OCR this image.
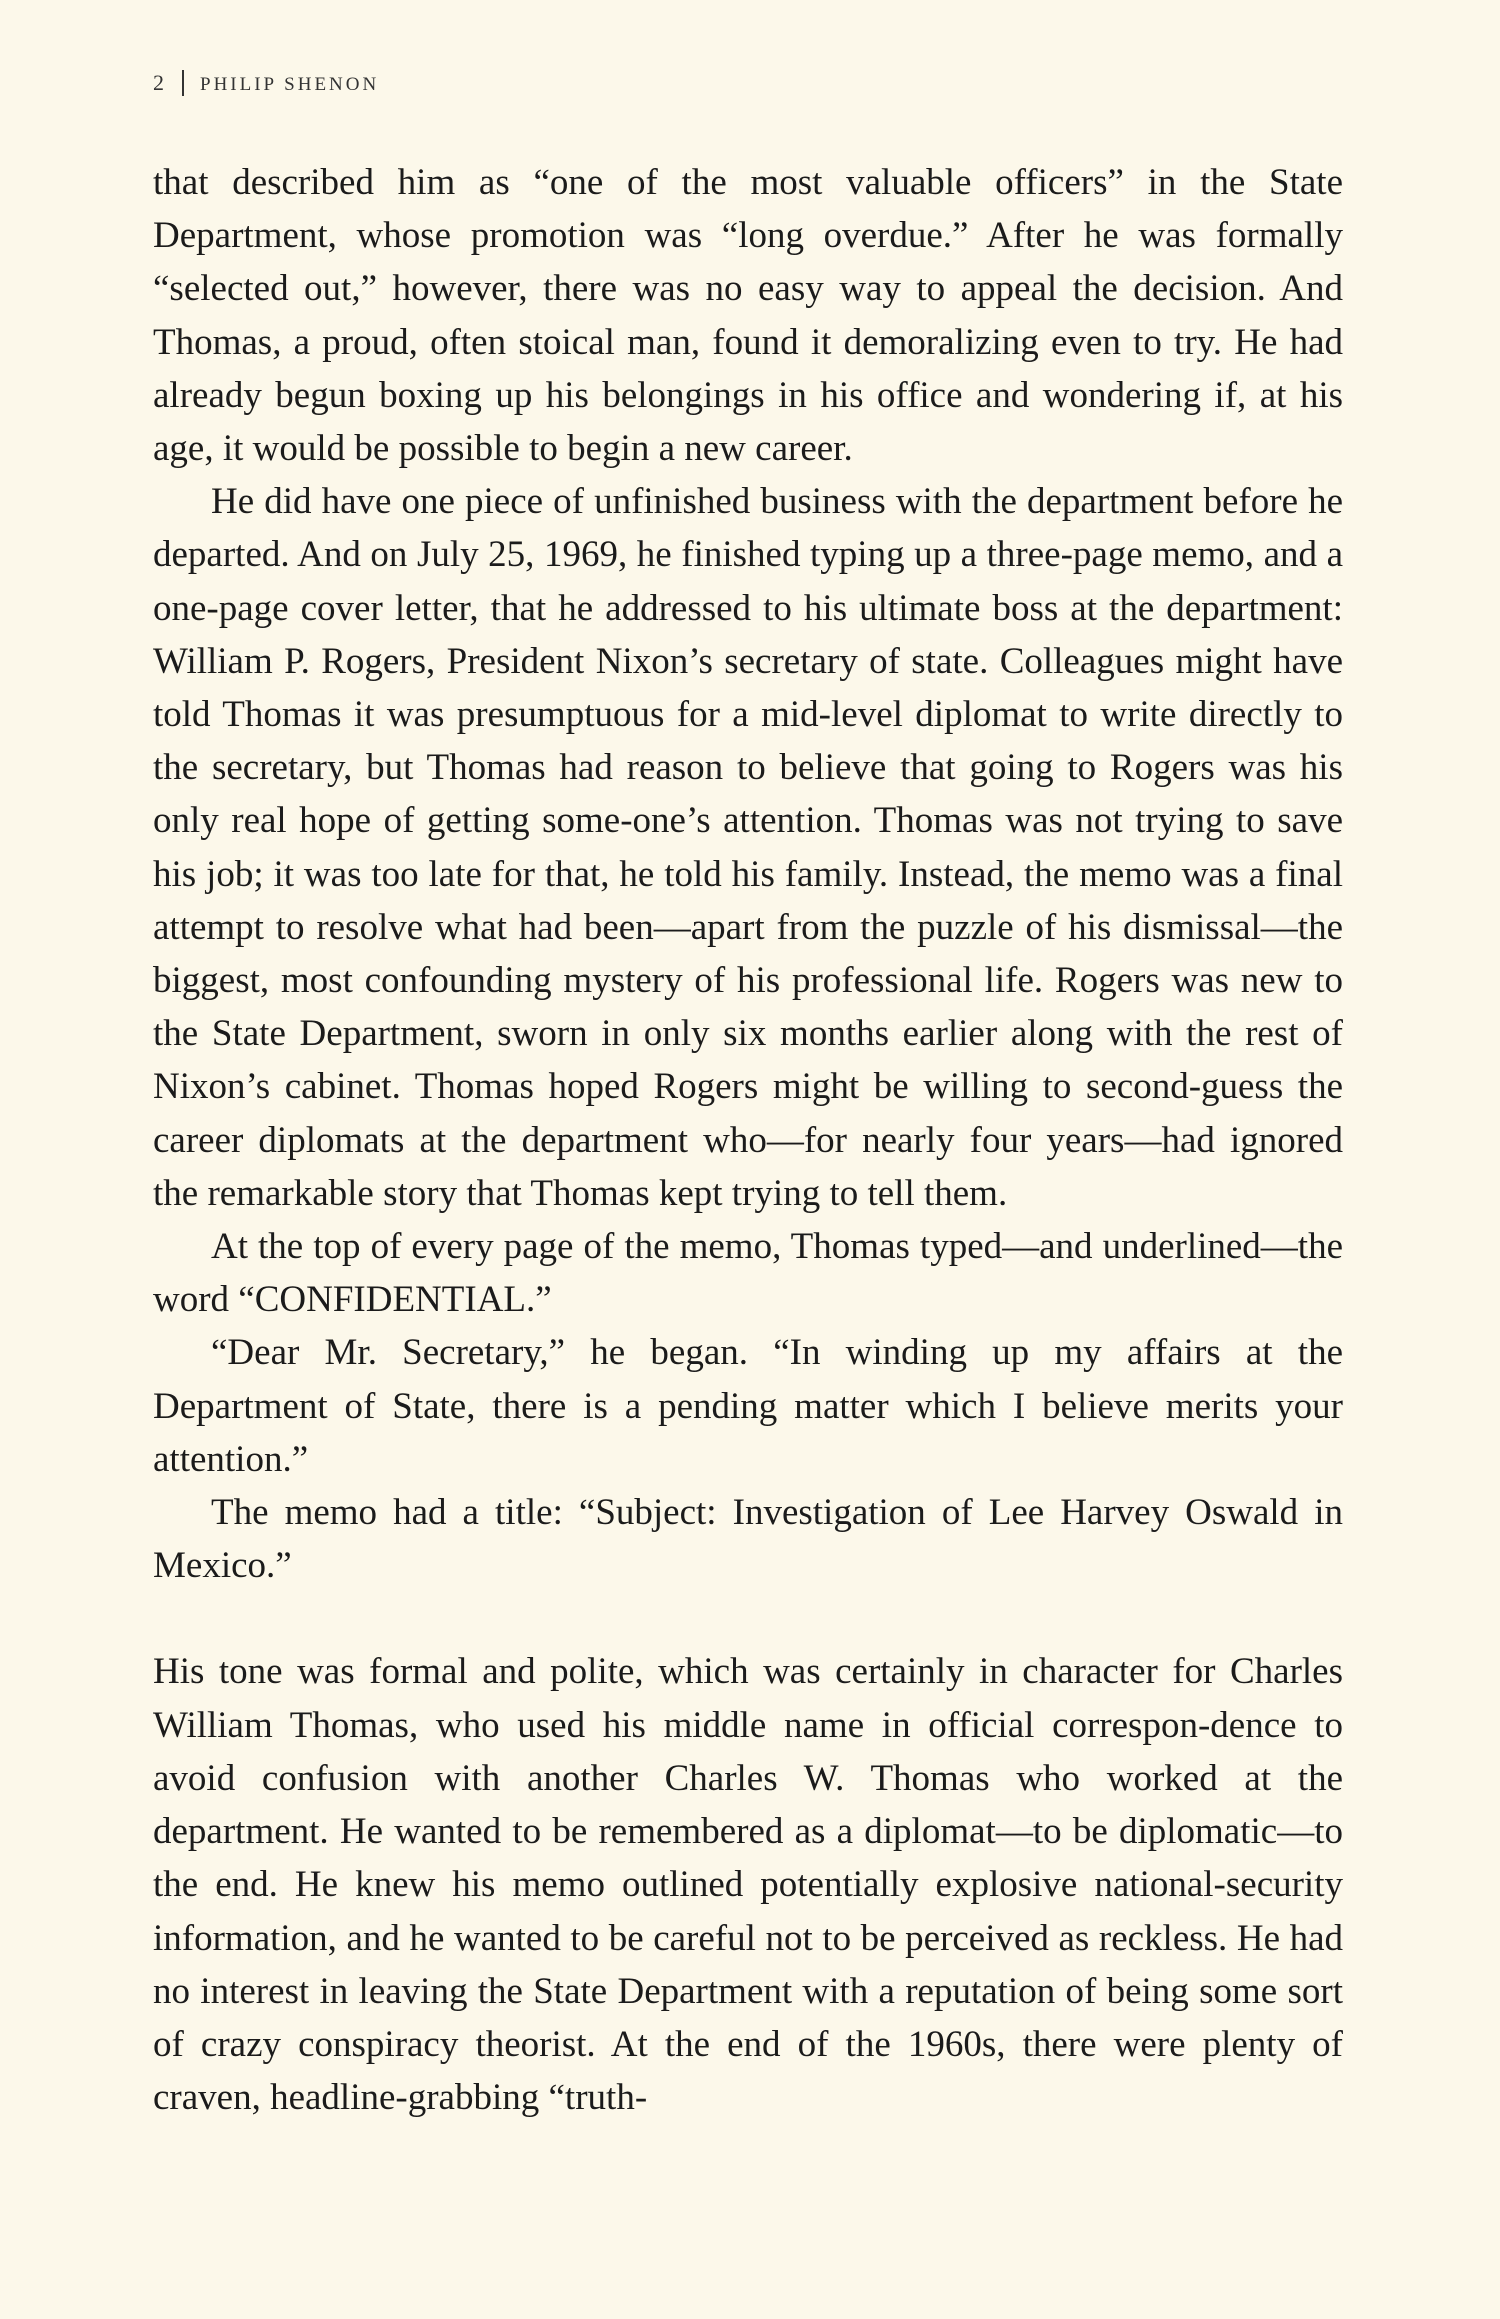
2 PHILIP SHENON

that described him as “one of the most valuable officers” in the State Department, whose promotion was “long overdue.” After he was formally “selected out,” however, there was no easy way to appeal the decision. And Thomas, a proud, often stoical man, found it demoralizing even to try. He had already begun boxing up his belongings in his office and wondering if, at his age, it would be possible to begin a new career.

He did have one piece of unfinished business with the department before he departed. And on July 25, 1969, he finished typing up a three-page memo, and a one-page cover letter, that he addressed to his ultimate boss at the department: William P. Rogers, President Nixon’s secretary of state. Colleagues might have told Thomas it was presumptuous for a mid-level diplomat to write directly to the secretary, but Thomas had reason to believe that going to Rogers was his only real hope of getting some-one’s attention. Thomas was not trying to save his job; it was too late for that, he told his family. Instead, the memo was a final attempt to resolve what had been—apart from the puzzle of his dismissal—the biggest, most confounding mystery of his professional life. Rogers was new to the State Department, sworn in only six months earlier along with the rest of Nixon’s cabinet. Thomas hoped Rogers might be willing to second-guess the career diplomats at the department who—for nearly four years—had ignored the remarkable story that Thomas kept trying to tell them.

At the top of every page of the memo, Thomas typed—and underlined—the word “CONFIDENTIAL.”

“Dear Mr. Secretary,” he began. “In winding up my affairs at the Department of State, there is a pending matter which I believe merits your attention.”

The memo had a title: “Subject: Investigation of Lee Harvey Oswald in Mexico.”

His tone was formal and polite, which was certainly in character for Charles William Thomas, who used his middle name in official correspon-dence to avoid confusion with another Charles W. Thomas who worked at the department. He wanted to be remembered as a diplomat—to be diplomatic—to the end. He knew his memo outlined potentially explosive national-security information, and he wanted to be careful not to be perceived as reckless. He had no interest in leaving the State Department with a reputation of being some sort of crazy conspiracy theorist. At the end of the 1960s, there were plenty of craven, headline-grabbing “truth-
